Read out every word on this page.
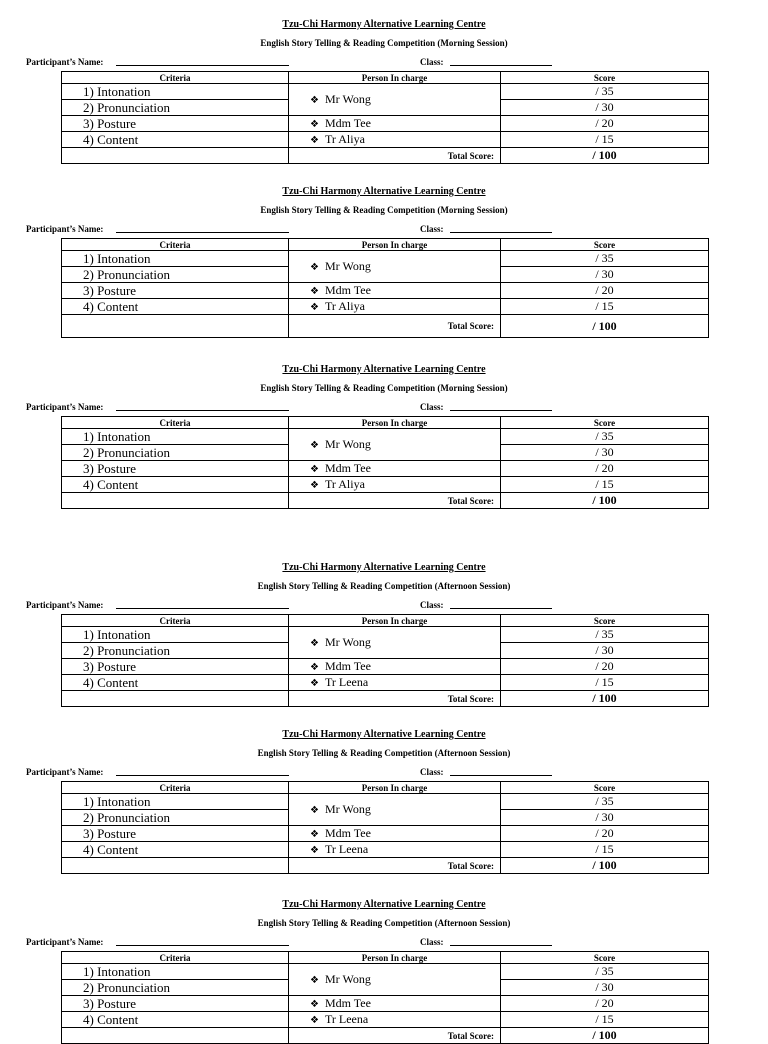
Tzu-Chi Harmony Alternative Learning Centre
English Story Telling & Reading Competition (Morning Session)
Participant’s Name:	Class:
Criteria	Person In charge	Score
1) Intonation	❖ Mr Wong	/ 35
2) Pronunciation		/ 30
3) Posture	❖ Mdm Tee	/ 20
4) Content	❖ Tr Aliya	/ 15
	Total Score:	/ 100
Tzu-Chi Harmony Alternative Learning Centre
English Story Telling & Reading Competition (Morning Session)
Participant’s Name:	Class:
Criteria	Person In charge	Score
1) Intonation	❖ Mr Wong	/ 35
2) Pronunciation		/ 30
3) Posture	❖ Mdm Tee	/ 20
4) Content	❖ Tr Aliya	/ 15
	Total Score:	/ 100
Tzu-Chi Harmony Alternative Learning Centre
English Story Telling & Reading Competition (Morning Session)
Participant’s Name:	Class:
Criteria	Person In charge	Score
1) Intonation	❖ Mr Wong	/ 35
2) Pronunciation		/ 30
3) Posture	❖ Mdm Tee	/ 20
4) Content	❖ Tr Aliya	/ 15
	Total Score:	/ 100
Tzu-Chi Harmony Alternative Learning Centre
English Story Telling & Reading Competition (Afternoon Session)
Participant’s Name:	Class:
Criteria	Person In charge	Score
1) Intonation	❖ Mr Wong	/ 35
2) Pronunciation		/ 30
3) Posture	❖ Mdm Tee	/ 20
4) Content	❖ Tr Leena	/ 15
	Total Score:	/ 100
Tzu-Chi Harmony Alternative Learning Centre
English Story Telling & Reading Competition (Afternoon Session)
Participant’s Name:	Class:
Criteria	Person In charge	Score
1) Intonation	❖ Mr Wong	/ 35
2) Pronunciation		/ 30
3) Posture	❖ Mdm Tee	/ 20
4) Content	❖ Tr Leena	/ 15
	Total Score:	/ 100
Tzu-Chi Harmony Alternative Learning Centre
English Story Telling & Reading Competition (Afternoon Session)
Participant’s Name:	Class:
Criteria	Person In charge	Score
1) Intonation	❖ Mr Wong	/ 35
2) Pronunciation		/ 30
3) Posture	❖ Mdm Tee	/ 20
4) Content	❖ Tr Leena	/ 15
	Total Score:	/ 100
